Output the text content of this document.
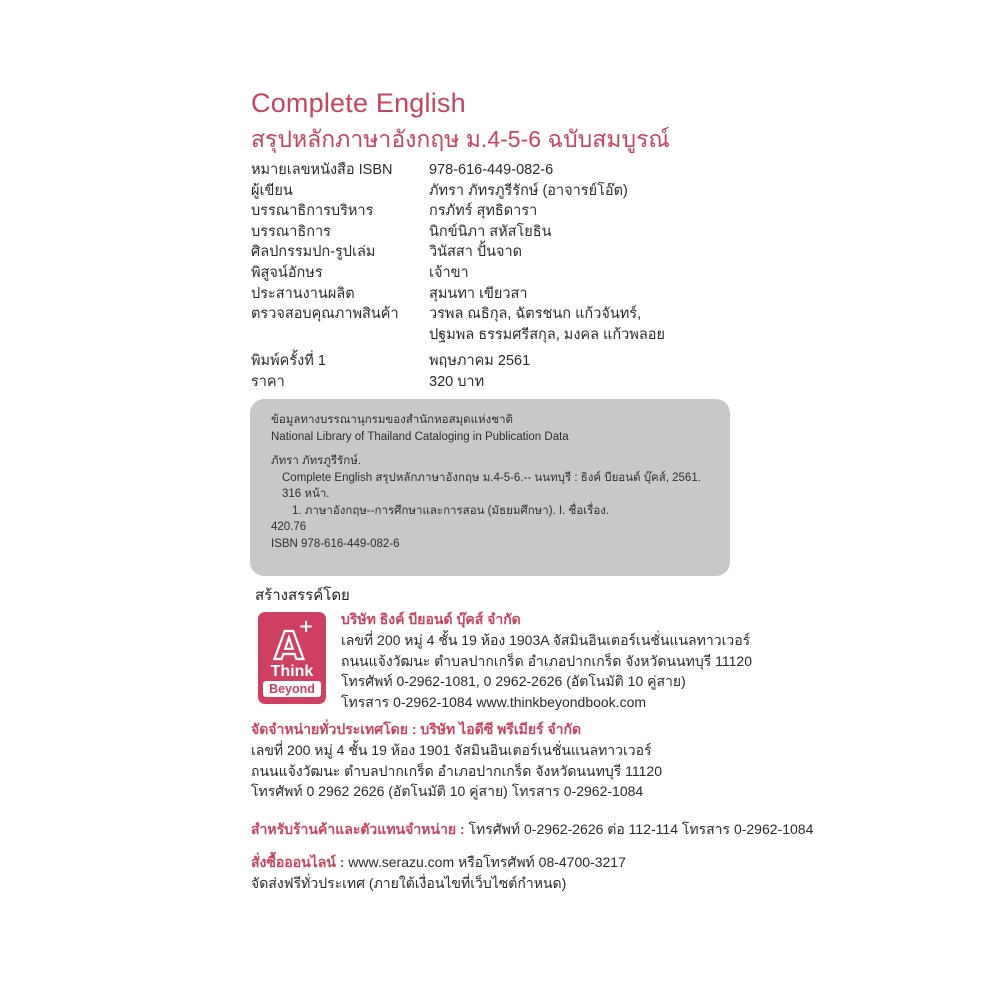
Complete English
สรุปหลักภาษาอังกฤษ ม.4-5-6 ฉบับสมบูรณ์
หมายเลขหนังสือ ISBN	978-616-449-082-6
ผู้เขียน	ภัทรา ภัทรภูรีรักษ์ (อาจารย์โอ๊ต)
บรรณาธิการบริหาร	กรภัทร์ สุทธิดารา
บรรณาธิการ	นิกข์นิภา สหัสโยธิน
ศิลปกรรมปก-รูปเล่ม	วินัสสา ปั้นจาด
พิสูจน์อักษร	เจ้าขา
ประสานงานผลิต	สุมนทา เขียวสา
ตรวจสอบคุณภาพสินค้า	วรพล ณธิกุล, ฉัตรชนก แก้วจันทร์,
ปฐมพล ธรรมศรีสกุล, มงคล แก้วพลอย
พิมพ์ครั้งที่ 1	พฤษภาคม 2561
ราคา	320 บาท
ข้อมูลทางบรรณานุกรมของสำนักหอสมุดแห่งชาติ
National Library of Thailand Cataloging in Publication Data
ภัทรา ภัทรภูรีรักษ์.
Complete English สรุปหลักภาษาอังกฤษ ม.4-5-6.-- นนทบุรี : ธิงค์ บียอนด์ บุ๊คส์, 2561.
316 หน้า.
1. ภาษาอังกฤษ--การศึกษาและการสอน (มัธยมศึกษา). I. ชื่อเรื่อง.
420.76
ISBN 978-616-449-082-6
สร้างสรรค์โดย
A
+
Think
Beyond
บริษัท ธิงค์ บียอนด์ บุ๊คส์ จำกัด
เลขที่ 200 หมู่ 4 ชั้น 19 ห้อง 1903A จัสมินอินเตอร์เนชั่นแนลทาวเวอร์
ถนนแจ้งวัฒนะ ตำบลปากเกร็ด อำเภอปากเกร็ด จังหวัดนนทบุรี 11120
โทรศัพท์ 0-2962-1081, 0 2962-2626 (อัตโนมัติ 10 คู่สาย)
โทรสาร 0-2962-1084 www.thinkbeyondbook.com
จัดจำหน่ายทั่วประเทศโดย : บริษัท ไอดีซี พรีเมียร์ จำกัด
เลขที่ 200 หมู่ 4 ชั้น 19 ห้อง 1901 จัสมินอินเตอร์เนชั่นแนลทาวเวอร์
ถนนแจ้งวัฒนะ ตำบลปากเกร็ด อำเภอปากเกร็ด จังหวัดนนทบุรี 11120
โทรศัพท์ 0 2962 2626 (อัตโนมัติ 10 คู่สาย) โทรสาร 0-2962-1084
สำหรับร้านค้าและตัวแทนจำหน่าย : โทรศัพท์ 0-2962-2626 ต่อ 112-114 โทรสาร 0-2962-1084
สั่งซื้อออนไลน์ : www.serazu.com หรือโทรศัพท์ 08-4700-3217
จัดส่งฟรีทั่วประเทศ (ภายใต้เงื่อนไขที่เว็บไซต์กำหนด)
